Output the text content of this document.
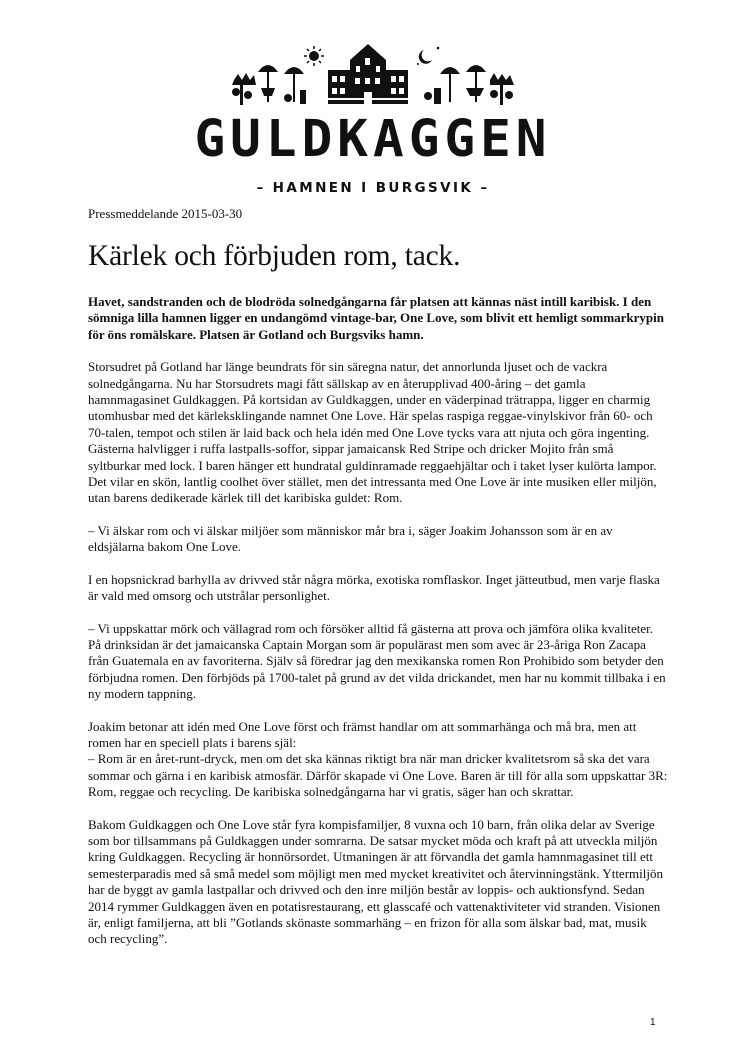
GULDKAGGEN
– HAMNEN I BURGSVIK –

Pressmeddelande 2015-03-30

Kärlek och förbjuden rom, tack.

Havet, sandstranden och de blodröda solnedgångarna får platsen att kännas näst intill karibisk. I den sömniga lilla hamnen ligger en undangömd vintage-bar, One Love, som blivit ett hemligt sommarkrypin för öns romälskare. Platsen är Gotland och Burgsviks hamn.

Storsudret på Gotland har länge beundrats för sin säregna natur, det annorlunda ljuset och de vackra solnedgångarna. Nu har Storsudrets magi fått sällskap av en återupplivad 400-åring – det gamla hamnmagasinet Guldkaggen. På kortsidan av Guldkaggen, under en väderpinad trätrappa, ligger en charmig utomhusbar med det kärleksklingande namnet One Love. Här spelas raspiga reggae-vinylskivor från 60- och 70-talen, tempot och stilen är laid back och hela idén med One Love tycks vara att njuta och göra ingenting. Gästerna halvligger i ruffa lastpalls-soffor, sippar jamaicansk Red Stripe och dricker Mojito från små syltburkar med lock. I baren hänger ett hundratal guldinramade reggaehjältar och i taket lyser kulörta lampor. Det vilar en skön, lantlig coolhet över stället, men det intressanta med One Love är inte musiken eller miljön, utan barens dedikerade kärlek till det karibiska guldet: Rom.

– Vi älskar rom och vi älskar miljöer som människor mår bra i, säger Joakim Johansson som är en av eldsjälarna bakom One Love.

I en hopsnickrad barhylla av drivved står några mörka, exotiska romflaskor. Inget jätteutbud, men varje flaska är vald med omsorg och utstrålar personlighet.

– Vi uppskattar mörk och vällagrad rom och försöker alltid få gästerna att prova och jämföra olika kvaliteter. På drinksidan är det jamaicanska Captain Morgan som är populärast men som avec är 23-åriga Ron Zacapa från Guatemala en av favoriterna. Själv så föredrar jag den mexikanska romen Ron Prohibido som betyder den förbjudna romen. Den förbjöds på 1700-talet på grund av det vilda drickandet, men har nu kommit tillbaka i en ny modern tappning.

Joakim betonar att idén med One Love först och främst handlar om att sommarhänga och må bra, men att romen har en speciell plats i barens själ:
– Rom är en året-runt-dryck, men om det ska kännas riktigt bra när man dricker kvalitetsrom så ska det vara sommar och gärna i en karibisk atmosfär. Därför skapade vi One Love. Baren är till för alla som uppskattar 3R: Rom, reggae och recycling. De karibiska solnedgångarna har vi gratis, säger han och skrattar.

Bakom Guldkaggen och One Love står fyra kompisfamiljer, 8 vuxna och 10 barn, från olika delar av Sverige som bor tillsammans på Guldkaggen under somrarna. De satsar mycket möda och kraft på att utveckla miljön kring Guldkaggen. Recycling är honnörsordet. Utmaningen är att förvandla det gamla hamnmagasinet till ett semesterparadis med så små medel som möjligt men med mycket kreativitet och återvinningstänk. Yttermiljön har de byggt av gamla lastpallar och drivved och den inre miljön består av loppis- och auktionsfynd. Sedan 2014 rymmer Guldkaggen även en potatisrestaurang, ett glasscafé och vattenaktiviteter vid stranden. Visionen är, enligt familjerna, att bli ”Gotlands skönaste sommarhäng – en frizon för alla som älskar bad, mat, musik och recycling”.

1
